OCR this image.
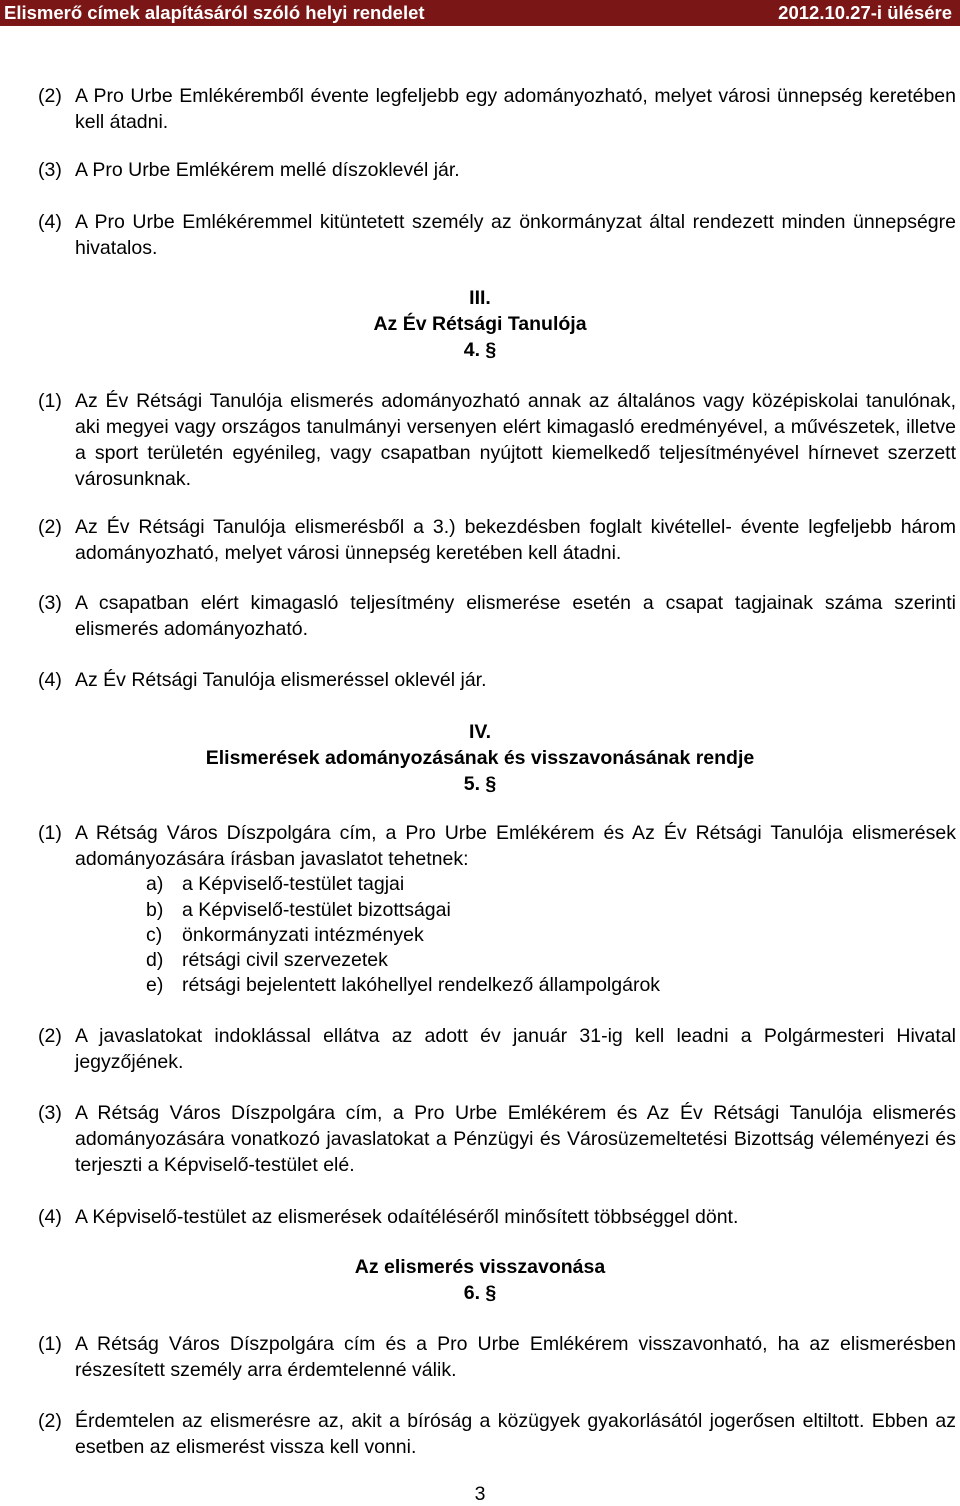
Elismerő címek alapításáról szóló helyi rendelet	2012.10.27-i ülésére
(2) A Pro Urbe Emlékéremből évente legfeljebb egy adományozható, melyet városi ünnepség keretében kell átadni.
(3) A Pro Urbe Emlékérem mellé díszoklevél jár.
(4) A Pro Urbe Emlékéremmel kitüntetett személy az önkormányzat által rendezett minden ünnepségre hivatalos.
III.
Az Év Rétsági Tanulója
4. §
(1) Az Év Rétsági Tanulója elismerés adományozható annak az általános vagy középiskolai tanulónak, aki megyei vagy országos tanulmányi versenyen elért kimagasló eredményével, a művészetek, illetve a sport területén egyénileg, vagy csapatban nyújtott kiemelkedő teljesítményével hírnevet szerzett városunknak.
(2) Az Év Rétsági Tanulója elismerésből a 3.) bekezdésben foglalt kivétellel- évente legfeljebb három adományozható, melyet városi ünnepség keretében kell átadni.
(3) A csapatban elért kimagasló teljesítmény elismerése esetén a csapat tagjainak száma szerinti elismerés adományozható.
(4) Az Év Rétsági Tanulója elismeréssel oklevél jár.
IV.
Elismerések adományozásának és visszavonásának rendje
5. §
(1) A Rétság Város Díszpolgára cím, a Pro Urbe Emlékérem és Az Év Rétsági Tanulója elismerések adományozására írásban javaslatot tehetnek:
a) a Képviselő-testület tagjai
b) a Képviselő-testület bizottságai
c) önkormányzati intézmények
d) rétsági civil szervezetek
e) rétsági bejelentett lakóhellyel rendelkező állampolgárok
(2) A javaslatokat indoklással ellátva az adott év január 31-ig kell leadni a Polgármesteri Hivatal jegyzőjének.
(3) A Rétság Város Díszpolgára cím, a Pro Urbe Emlékérem és Az Év Rétsági Tanulója elismerés adományozására vonatkozó javaslatokat a Pénzügyi és Városüzemeltetési Bizottság véleményezi és terjeszti a Képviselő-testület elé.
(4) A Képviselő-testület az elismerések odaítéléséről minősített többséggel dönt.
Az elismerés visszavonása
6. §
(1) A Rétság Város Díszpolgára cím és a Pro Urbe Emlékérem visszavonható, ha az elismerésben részesített személy arra érdemtelenné válik.
(2) Érdemtelen az elismerésre az, akit a bíróság a közügyek gyakorlásától jogerősen eltiltott. Ebben az esetben az elismerést vissza kell vonni.
3
